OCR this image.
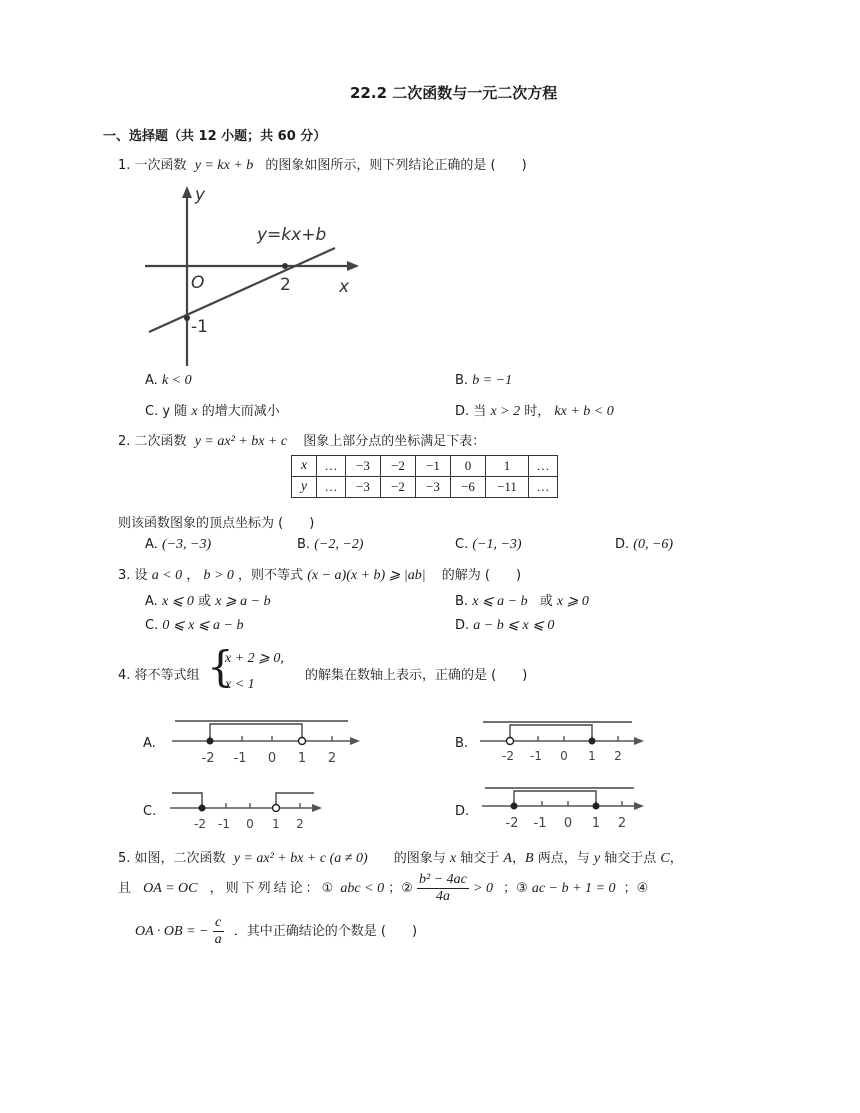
22.2 二次函数与一元二次方程
一、选择题（共 12 小题；共 60 分）
1. 一次函数 y = kx + b 的图象如图所示，则下列结论正确的是 (　　)
y
x
O	2
-1
y=kx+b
A. k < 0	B. b = −1
C. y 随 x 的增大而减小	D. 当 x > 2 时， kx + b < 0
2. 二次函数 y = ax² + bx + c 图象上部分点的坐标满足下表：
x	…	−3	−2	−1	0	1	…
y	…	−3	−2	−3	−6	−11	…
则该函数图象的顶点坐标为 (　　)
A. (−3, −3)	B. (−2, −2)	C. (−1, −3)	D. (0, −6)
3. 设 a < 0 ， b > 0 ，则不等式 (x − a)(x + b) ⩾ |ab| 的解为 (　　)
A. x ⩽ 0 或 x ⩾ a − b	B. x ⩽ a − b 或 x ⩾ 0
C. 0 ⩽ x ⩽ a − b	D. a − b ⩽ x ⩽ 0
4. 将不等式组 {
x + 2 ⩾ 0,
x < 1
的解集在数轴上表示，正确的是 (　　)
A.
-2 -1 0 1 2
B.
-2 -1 0 1 2
C.
-2 -1 0 1 2
D.
-2 -1 0 1 2
5. 如图，二次函数 y = ax² + bx + c (a ≠ 0) 的图象与 x 轴交于 A，B 两点，与 y 轴交于点 C，
且 OA = OC ，则下列结论：① abc < 0 ；② $\frac{\text{b² − 4ac}}{4a} > 0$ ；③ ac − b + 1 = 0 ；④
OA · OB = − $\frac{c}{a}$ ．其中正确结论的个数是 (　　)
